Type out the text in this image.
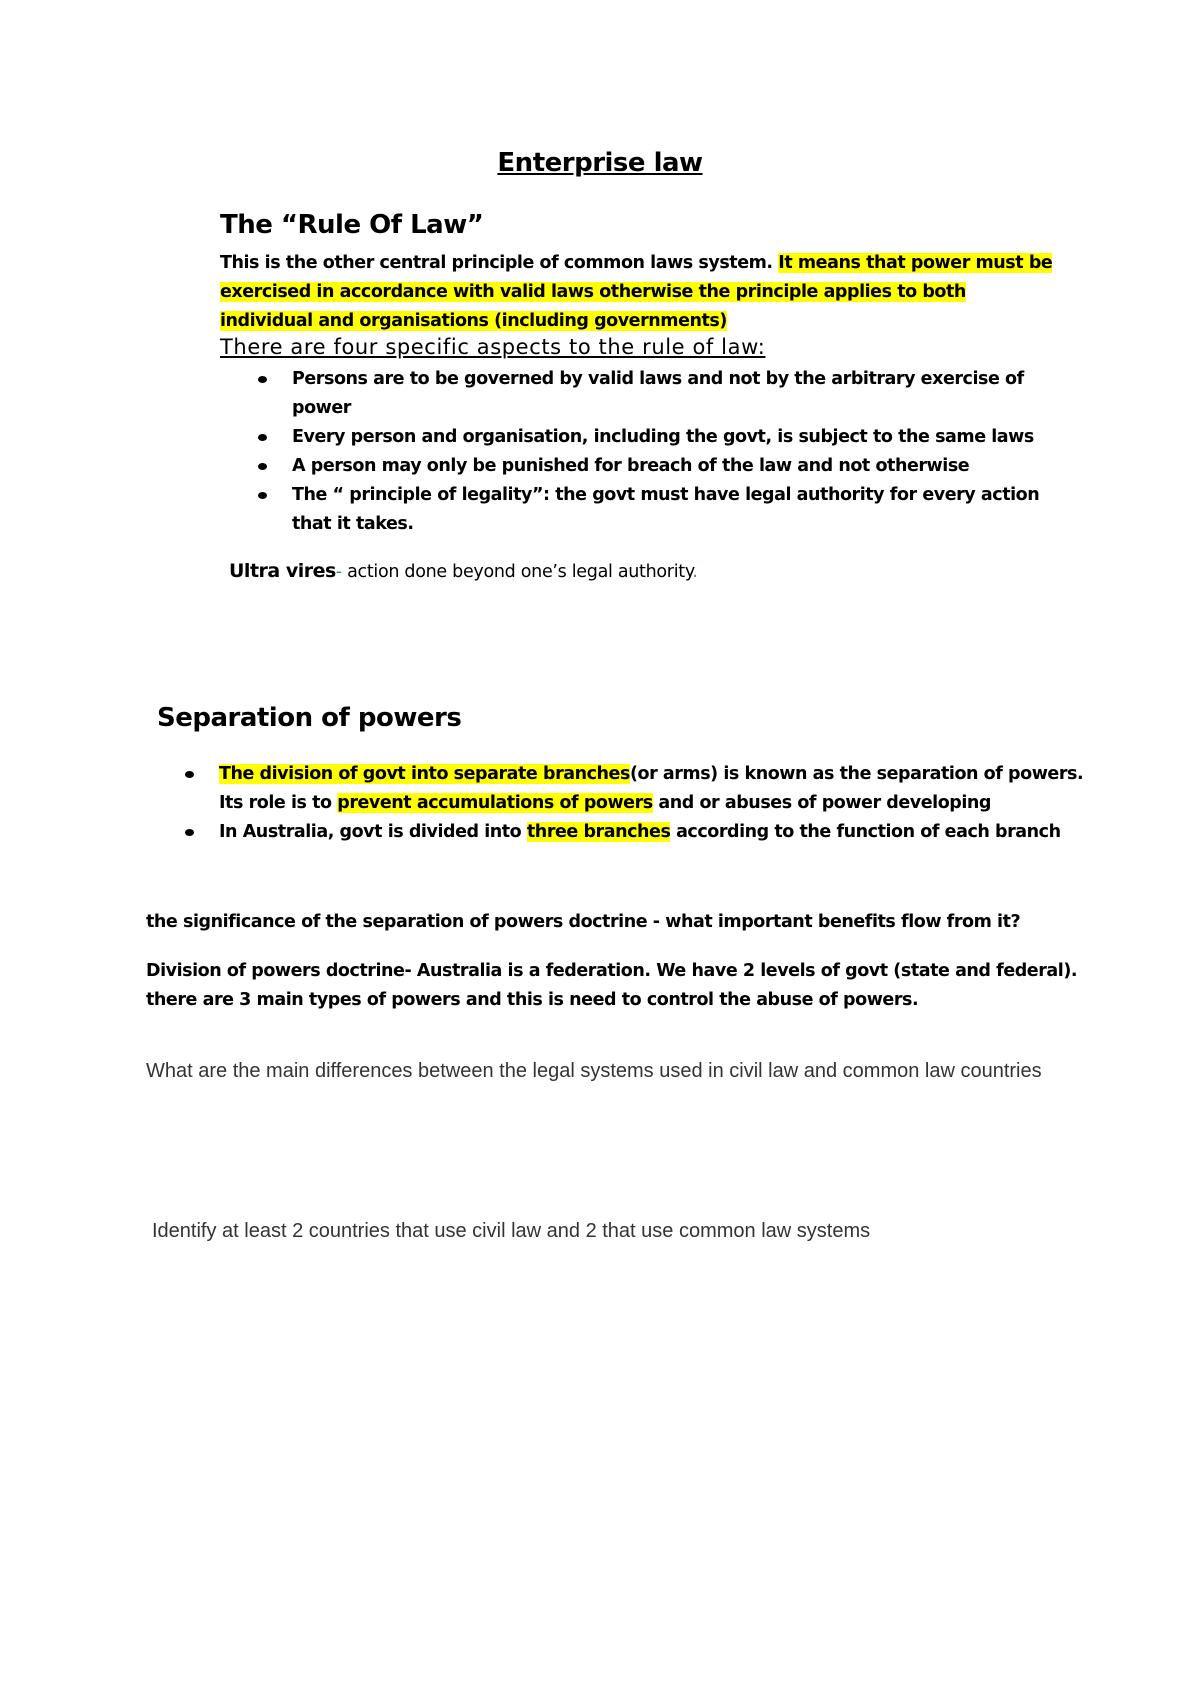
Enterprise law
The “Rule Of Law”
This is the other central principle of common laws system. It means that power must be exercised in accordance with valid laws otherwise the principle applies to both individual and organisations (including governments)
There are four specific aspects to the rule of law:
Persons are to be governed by valid laws and not by the arbitrary exercise of power
Every person and organisation, including the govt, is subject to the same laws
A person may only be punished for breach of the law and not otherwise
The “ principle of legality”: the govt must have legal authority for every action that it takes.
Ultra vires- action done beyond one’s legal authority.
Separation of powers
The division of govt into separate branches(or arms) is known as the separation of powers. Its role is to prevent accumulations of powers and or abuses of power developing
In Australia, govt is divided into three branches according to the function of each branch
the significance of the separation of powers doctrine - what important benefits flow from it?
Division of powers doctrine- Australia is a federation. We have 2 levels of govt (state and federal). there are 3 main types of powers and this is need to control the abuse of powers.
What are the main differences between the legal systems used in civil law and common law countries
Identify at least 2 countries that use civil law and 2 that use common law systems
